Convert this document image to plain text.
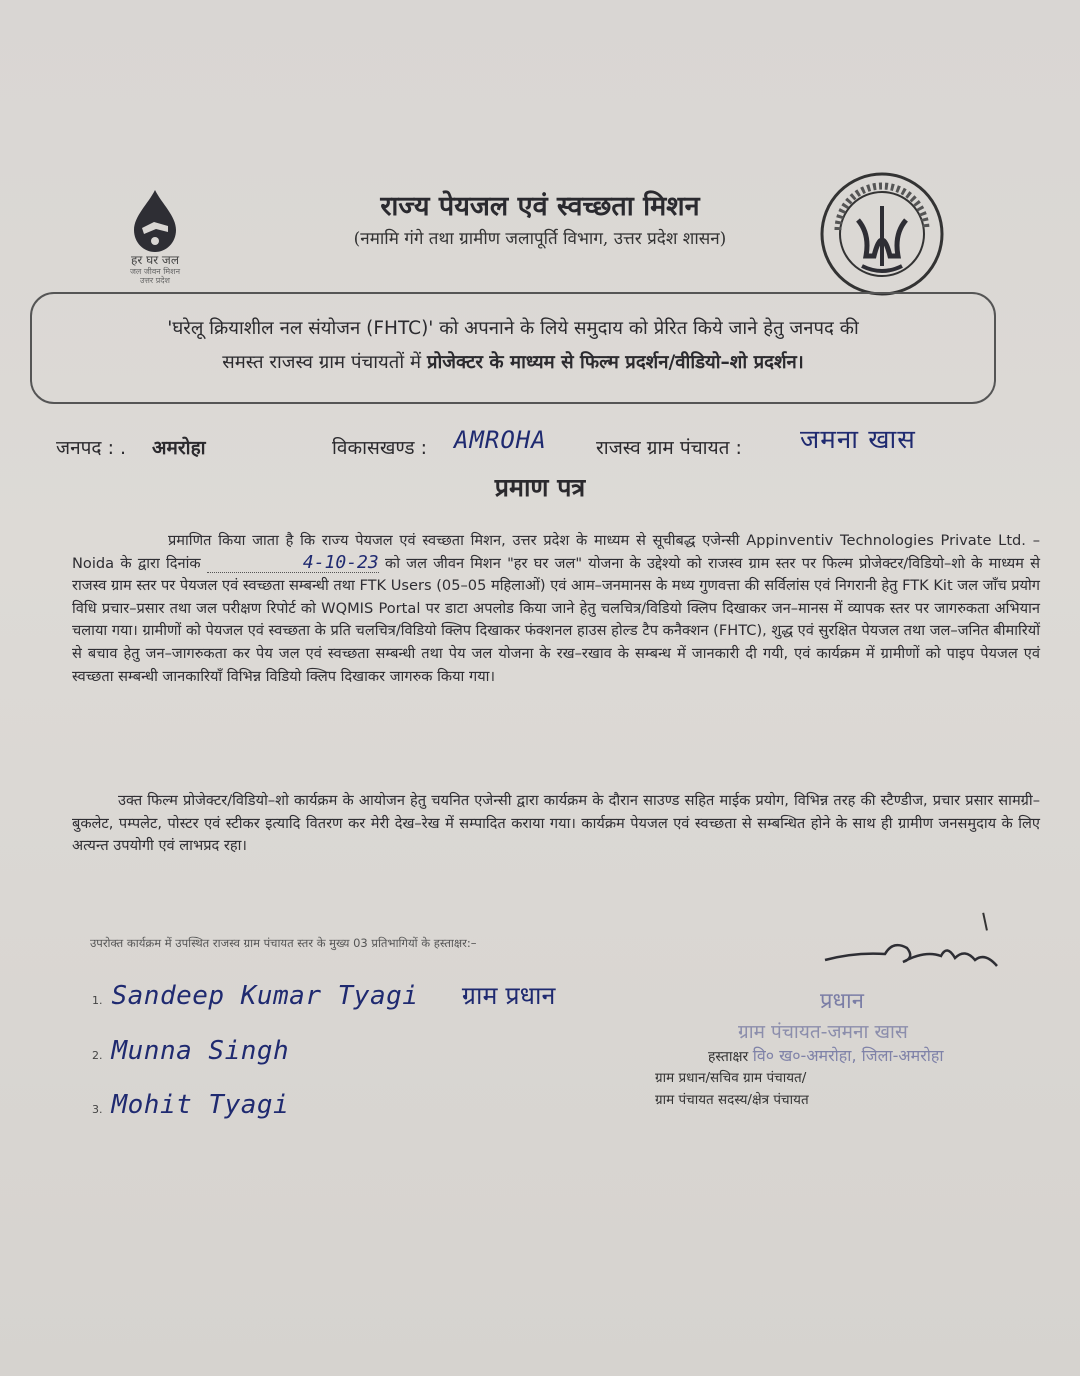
हर घर जल
जल जीवन मिशन
उत्तर प्रदेश
राज्य पेयजल एवं स्वच्छता मिशन
(नमामि गंगे तथा ग्रामीण जलापूर्ति विभाग, उत्तर प्रदेश शासन)
'घरेलू क्रियाशील नल संयोजन (FHTC)' को अपनाने के लिये समुदाय को प्रेरित किये जाने हेतु जनपद की
समस्त राजस्व ग्राम पंचायतों में प्रोजेक्टर के माध्यम से फिल्म प्रदर्शन/वीडियो–शो प्रदर्शन।
जनपद : . अमरोहा	विकासखण्ड : AMROHA	राजस्व ग्राम पंचायत : जमना खास
प्रमाण पत्र
प्रमाणित किया जाता है कि राज्य पेयजल एवं स्वच्छता मिशन, उत्तर प्रदेश के माध्यम से सूचीबद्ध एजेन्सी Appinventiv Technologies Private Ltd. – Noida के द्वारा दिनांक	4-10-23 को जल जीवन मिशन "हर घर जल" योजना के उद्देश्यो को राजस्व ग्राम स्तर पर फिल्म प्रोजेक्टर/विडियो–शो के माध्यम से राजस्व ग्राम स्तर पर पेयजल एवं स्वच्छता सम्बन्धी तथा FTK Users (05–05 महिलाओं) एवं आम–जनमानस के मध्य गुणवत्ता की सर्विलांस एवं निगरानी हेतु FTK Kit जल जाँच प्रयोग विधि प्रचार–प्रसार तथा जल परीक्षण रिपोर्ट को WQMIS Portal पर डाटा अपलोड किया जाने हेतु चलचित्र/विडियो क्लिप दिखाकर जन–मानस में व्यापक स्तर पर जागरुकता अभियान चलाया गया। ग्रामीणों को पेयजल एवं स्वच्छता के प्रति चलचित्र/विडियो क्लिप दिखाकर फंक्शनल हाउस होल्ड टैप कनैक्शन (FHTC), शुद्ध एवं सुरक्षित पेयजल तथा जल–जनित बीमारियों से बचाव हेतु जन–जागरुकता कर पेय जल एवं स्वच्छता सम्बन्धी तथा पेय जल योजना के रख–रखाव के सम्बन्ध में जानकारी दी गयी, एवं कार्यक्रम में ग्रामीणों को पाइप पेयजल एवं स्वच्छता सम्बन्धी जानकारियाँ विभिन्न विडियो क्लिप दिखाकर जागरुक किया गया।
उक्त फिल्म प्रोजेक्टर/विडियो–शो कार्यक्रम के आयोजन हेतु चयनित एजेन्सी द्वारा कार्यक्रम के दौरान साउण्ड सहित माईक प्रयोग, विभिन्न तरह की स्टैण्डीज, प्रचार प्रसार सामग्री–बुकलेट, पम्पलेट, पोस्टर एवं स्टीकर इत्यादि वितरण कर मेरी देख–रेख में सम्पादित कराया गया। कार्यक्रम पेयजल एवं स्वच्छता से सम्बन्धित होने के साथ ही ग्रामीण जनसमुदाय के लिए अत्यन्त उपयोगी एवं लाभप्रद रहा।
उपरोक्त कार्यक्रम में उपस्थित राजस्व ग्राम पंचायत स्तर के मुख्य 03 प्रतिभागियों के हस्ताक्षर:–
1. Sandeep Kumar Tyagi ग्राम प्रधान
2. Munna Singh
3. Mohit Tyagi
प्रधान
ग्राम पंचायत-जमना खास
हस्ताक्षर वि० ख०-अमरोहा, जिला-अमरोहा
ग्राम प्रधान/सचिव ग्राम पंचायत/
ग्राम पंचायत सदस्य/क्षेत्र पंचायत
